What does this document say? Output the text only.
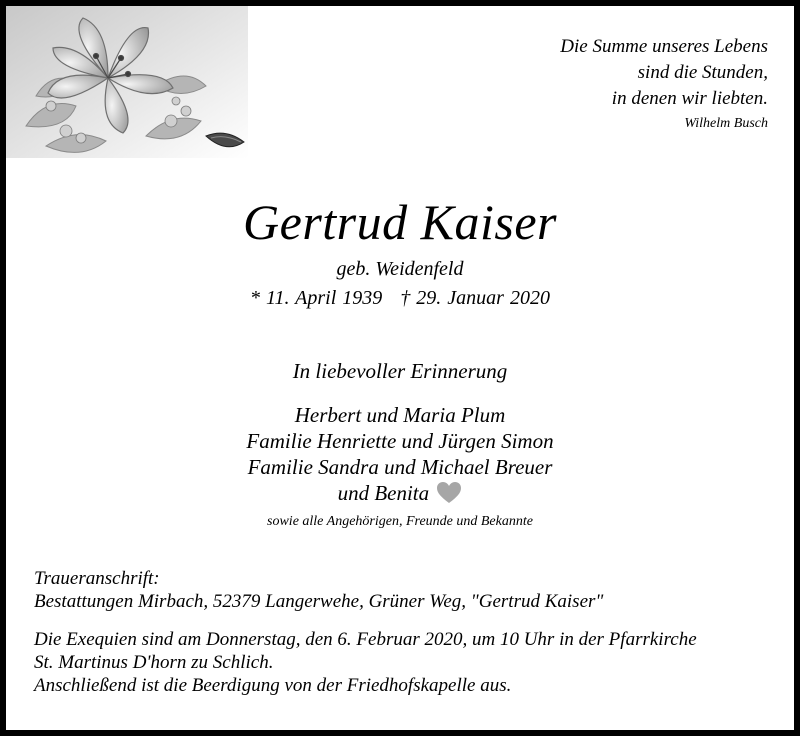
Die Summe unseres Lebens
sind die Stunden,
in denen wir liebten.
Wilhelm Busch
Gertrud Kaiser
geb. Weidenfeld
* 11. April 1939 † 29. Januar 2020
In liebevoller Erinnerung
Herbert und Maria Plum
Familie Henriette und Jürgen Simon
Familie Sandra und Michael Breuer
und Benita
sowie alle Angehörigen, Freunde und Bekannte
Traueranschrift:
Bestattungen Mirbach, 52379 Langerwehe, Grüner Weg, "Gertrud Kaiser"
Die Exequien sind am Donnerstag, den 6. Februar 2020, um 10 Uhr in der Pfarrkirche
St. Martinus D'horn zu Schlich.
Anschließend ist die Beerdigung von der Friedhofskapelle aus.
